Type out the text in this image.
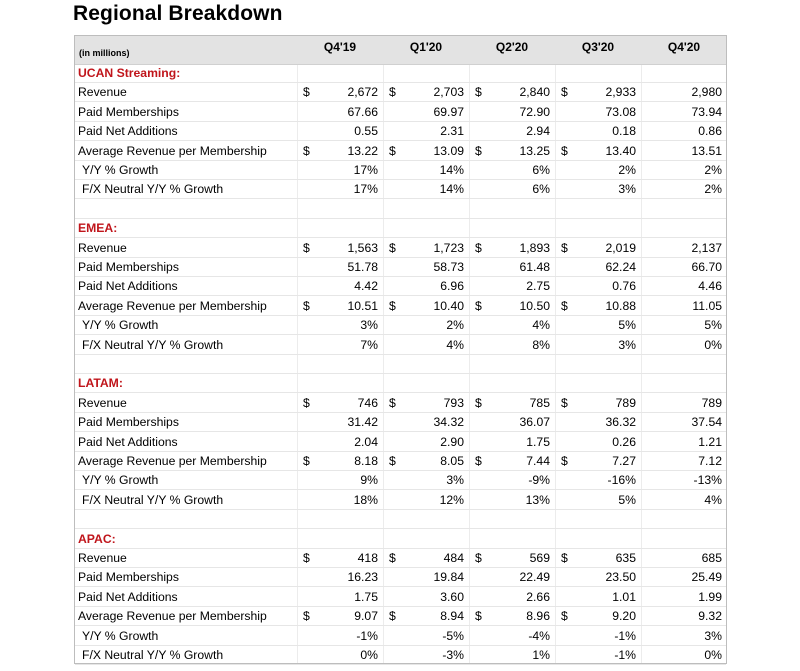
Regional Breakdown
(in millions)	Q4'19	Q1'20	Q2'20	Q3'20	Q4'20
UCAN Streaming:
Revenue	$	2,672 $	2,703 $	2,840 $	2,933	2,980
Paid Memberships	67.66	69.97	72.90	73.08	73.94
Paid Net Additions	0.55	2.31	2.94	0.18	0.86
Average Revenue per Membership	$	13.22 $	13.09 $	13.25 $	13.40	13.51
Y/Y % Growth	17%	14%	6%	2%	2%
F/X Neutral Y/Y % Growth	17%	14%	6%	3%	2%
EMEA:
Revenue	$	1,563 $	1,723 $	1,893 $	2,019	2,137
Paid Memberships	51.78	58.73	61.48	62.24	66.70
Paid Net Additions	4.42	6.96	2.75	0.76	4.46
Average Revenue per Membership	$	10.51 $	10.40 $	10.50 $	10.88	11.05
Y/Y % Growth	3%	2%	4%	5%	5%
F/X Neutral Y/Y % Growth	7%	4%	8%	3%	0%
LATAM:
Revenue	$	746 $	793 $	785 $	789	789
Paid Memberships	31.42	34.32	36.07	36.32	37.54
Paid Net Additions	2.04	2.90	1.75	0.26	1.21
Average Revenue per Membership	$	8.18 $	8.05 $	7.44 $	7.27	7.12
Y/Y % Growth	9%	3%	-9%	-16%	-13%
F/X Neutral Y/Y % Growth	18%	12%	13%	5%	4%
APAC:
Revenue	$	418 $	484 $	569 $	635	685
Paid Memberships	16.23	19.84	22.49	23.50	25.49
Paid Net Additions	1.75	3.60	2.66	1.01	1.99
Average Revenue per Membership	$	9.07 $	8.94 $	8.96 $	9.20	9.32
Y/Y % Growth	-1%	-5%	-4%	-1%	3%
F/X Neutral Y/Y % Growth	0%	-3%	1%	-1%	0%
